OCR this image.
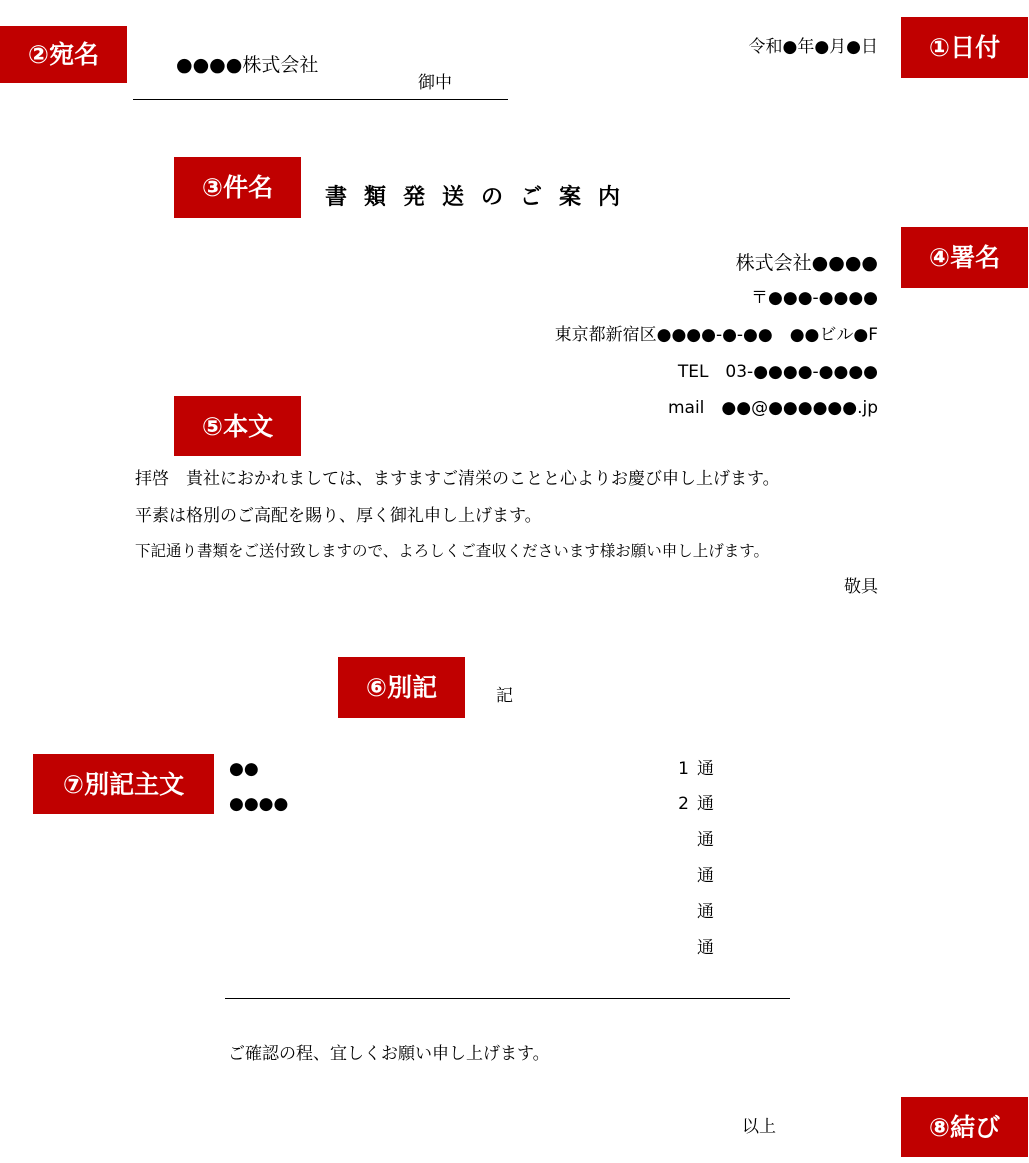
①日付
②宛名
③件名
④署名
⑤本文
⑥別記
⑦別記主文
⑧結び
●●●●株式会社
御中
令和●年●月●日
書類発送のご案内
株式会社●●●●
〒●●●-●●●●
東京都新宿区●●●●-●-●●　●●ビル●F
TEL　03-●●●●-●●●●
mail　●●@●●●●●●.jp
拝啓　貴社におかれましては、ますますご清栄のことと心よりお慶び申し上げます。
平素は格別のご高配を賜り、厚く御礼申し上げます。
下記通り書類をご送付致しますので、よろしくご査収くださいます様お願い申し上げます。
敬具
記
●●
●●●●
1
2
通
通
通
通
通
通
ご確認の程、宜しくお願い申し上げます。
以上
